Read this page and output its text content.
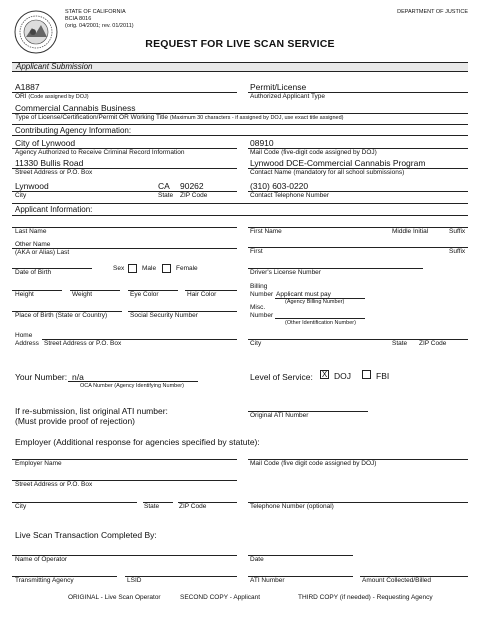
STATE OF CALIFORNIA
BCIA 8016
(orig. 04/2001; rev. 01/2011)
DEPARTMENT OF JUSTICE
REQUEST FOR LIVE SCAN SERVICE
Applicant Submission
A1887
ORI (Code assigned by DOJ)
Permit/License
Authorized Applicant Type
Commercial Cannabis Business
Type of License/Certification/Permit OR Working Title (Maximum 30 characters - if assigned by DOJ, use exact title assigned)
Contributing Agency Information:
City of Lynwood
Agency Authorized to Receive Criminal Record Information
08910
Mail Code (five-digit code assigned by DOJ)
11330 Bullis Road
Street Address or P.O. Box
Lynwood DCE-Commercial Cannabis Program
Contact Name (mandatory for all school submissions)
Lynwood	CA 90262
City	State ZIP Code
(310) 603-0220
Contact Telephone Number
Applicant Information:
Last Name	First Name	Middle Initial	Suffix
Other Name
(AKA or Alias) Last	First	Suffix
Date of Birth
Sex	Male	Female
Driver's License Number
Height	Weight	Eye Color	Hair Color
Billing
Number Applicant must pay
(Agency Billing Number)
Place of Birth (State or Country)	Social Security Number
Misc.
Number
(Other Identification Number)
Home
Address Street Address or P.O. Box	City	State ZIP Code
Your Number: n/a
OCA Number (Agency Identifying Number)
Level of Service: X DOJ	FBI
If re-submission, list original ATI number:
(Must provide proof of rejection)
Original ATI Number
Employer (Additional response for agencies specified by statute):
Employer Name	Mail Code (five digit code assigned by DOJ)
Street Address or P.O. Box
City	State	ZIP Code	Telephone Number (optional)
Live Scan Transaction Completed By:
Name of Operator	Date
Transmitting Agency	LSID	ATI Number	Amount Collected/Billed
ORIGINAL - Live Scan Operator	SECOND COPY - Applicant	THIRD COPY (if needed) - Requesting Agency
